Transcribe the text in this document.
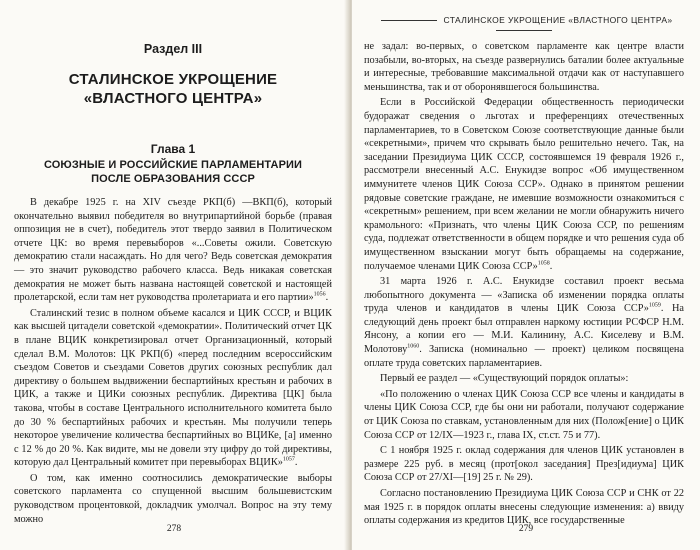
Раздел III
СТАЛИНСКОЕ УКРОЩЕНИЕ
«ВЛАСТНОГО ЦЕНТРА»
Глава 1
СОЮЗНЫЕ И РОССИЙСКИЕ ПАРЛАМЕНТАРИИ
ПОСЛЕ ОБРАЗОВАНИЯ СССР

В декабре 1925 г. на XIV съезде РКП(б) —ВКП(б), который окончательно выявил победителя во внутрипартийной борьбе (правая оппозиция не в счет), победитель этот твердо заявил в Политическом отчете ЦК: во время перевыборов «...Советы ожили. Советскую демократию стали насаждать. Но для чего? Ведь советская демократия — это значит руководство рабочего класса. Ведь никакая советская демократия не может быть названа настоящей советской и настоящей пролетарской, если там нет руководства пролетариата и его партии»$^{1056}$.

Сталинский тезис в полном объеме касался и ЦИК СССР, и ВЦИК как высшей цитадели советской «демократии». Политический отчет ЦК в плане ВЦИК конкретизировал отчет Организационный, который сделал В.М. Молотов: ЦК РКП(б) «перед последним всероссийским съездом Советов и съездами Советов других союзных республик дал директиву о большем выдвижении беспартийных крестьян и рабочих в ЦИК, а также и ЦИКи союзных республик. Директива [ЦК] была такова, чтобы в составе Центрального исполнительного комитета было до 30 % беспартийных рабочих и крестьян. Мы получили теперь некоторое увеличение количества беспартийных во ВЦИКе, [а] именно с 12 % до 20 %. Как видите, мы не довели эту цифру до той директивы, которую дал Центральный комитет при перевыборах ВЦИК»$^{1057}$.

О том, как именно соотносились демократические выборы советского парламента со спущенной высшим большевистским руководством процентовкой, докладчик умолчал. Вопрос на эту тему можно

278
СТАЛИНСКОЕ УКРОЩЕНИЕ «ВЛАСТНОГО ЦЕНТРА»

не задал: во-первых, о советском парламенте как центре власти позабыли, во-вторых, на съезде развернулись баталии более актуальные и интересные, требовавшие максимальной отдачи как от наступавшего меньшинства, так и от оборонявшегося большинства.

Если в Российской Федерации общественность периодически будоражат сведения о льготах и преференциях отечественных парламентариев, то в Советском Союзе соответствующие данные были «секретными», причем что скрывать было решительно нечего. Так, на заседании Президиума ЦИК СССР, состоявшемся 19 февраля 1926 г., рассмотрели внесенный А.С. Енукидзе вопрос «Об имущественном иммунитете членов ЦИК Союза ССР». Однако в принятом решении рядовые советские граждане, не имевшие возможности ознакомиться с «секретным» решением, при всем желании не могли обнаружить ничего крамольного: «Признать, что члены ЦИК Союза ССР, по решениям суда, подлежат ответственности в общем порядке и что решения суда об имущественном взыскании могут быть обращаемы на содержание, получаемое членами ЦИК Союза ССР»$^{1058}$.

31 марта 1926 г. А.С. Енукидзе составил проект весьма любопытного документа — «Записка об изменении порядка оплаты труда членов и кандидатов в члены ЦИК Союза ССР»$^{1059}$. На следующий день проект был отправлен наркому юстиции РСФСР Н.М. Янсону, а копии его — М.И. Калинину, А.С. Киселеву и В.М. Молотову$^{1060}$. Записка (номинально — проект) целиком посвящена оплате труда советских парламентариев.

Первый ее раздел — «Существующий порядок оплаты»:

«По положению о членах ЦИК Союза ССР все члены и кандидаты в члены ЦИК Союза ССР, где бы они ни работали, получают содержание от ЦИК Союза по ставкам, установленным для них (Полож[ение] о ЦИК Союза ССР от 12/IX—1923 г., глава IX, ст.ст. 75 и 77).

С 1 ноября 1925 г. оклад содержания для членов ЦИК установлен в размере 225 руб. в месяц (прот[окол заседания] През[идиума] ЦИК Союза ССР от 27/XI—[19] 25 г. № 29).

Согласно постановлению Президиума ЦИК Союза ССР и СНК от 22 мая 1925 г. в порядок оплаты внесены следующие изменения: а) ввиду оплаты содержания из кредитов ЦИК, все государственные

279
